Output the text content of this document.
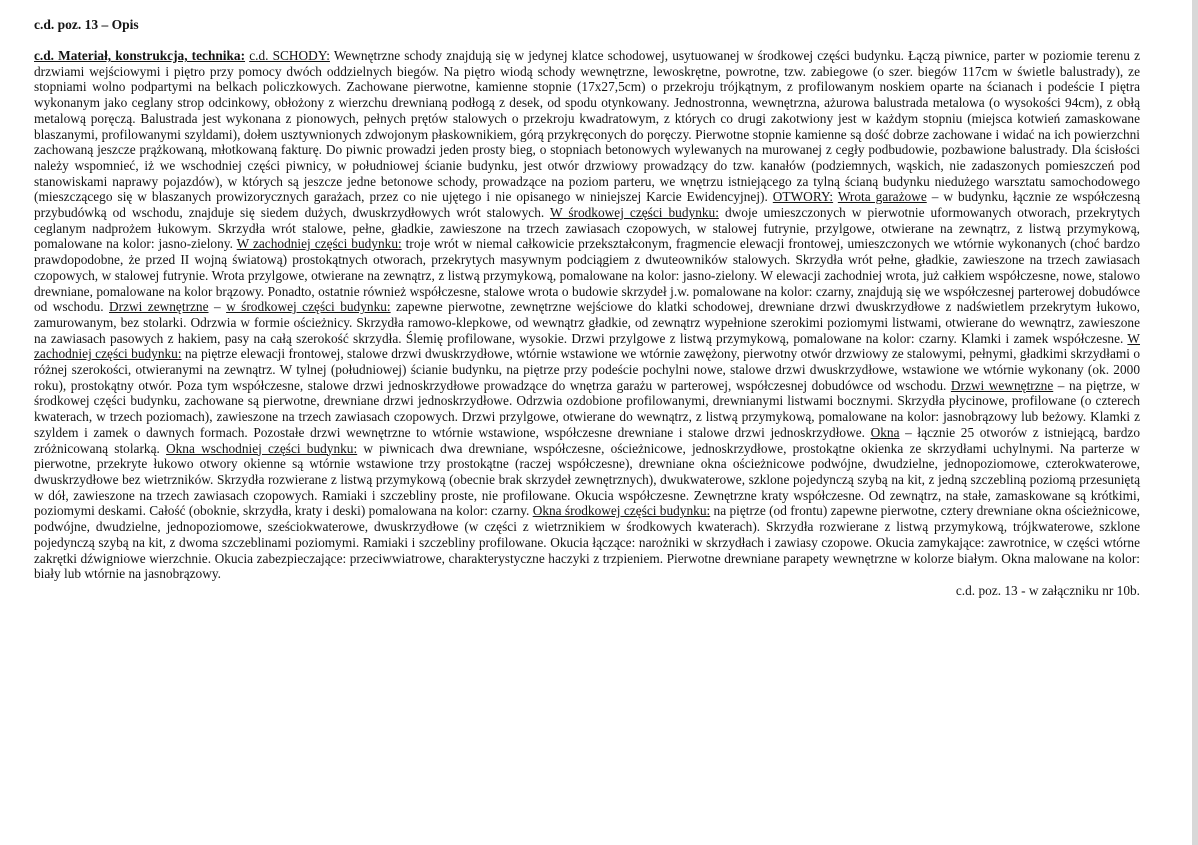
c.d. poz. 13 – Opis

c.d. Materiał, konstrukcja, technika: c.d. SCHODY: Wewnętrzne schody znajdują się w jedynej klatce schodowej, usytuowanej w środkowej części budynku. Łączą piwnice, parter w poziomie terenu z drzwiami wejściowymi i piętro przy pomocy dwóch oddzielnych biegów. Na piętro wiodą schody wewnętrzne, lewoskrętne, powrotne, tzw. zabiegowe (o szer. biegów 117cm w świetle balustrady), ze stopniami wolno podpartymi na belkach policzkowych. Zachowane pierwotne, kamienne stopnie (17x27,5cm) o przekroju trójkątnym, z profilowanym noskiem oparte na ścianach i podeście I piętra wykonanym jako ceglany strop odcinkowy, obłożony z wierzchu drewnianą podłogą z desek, od spodu otynkowany. Jednostronna, wewnętrzna, ażurowa balustrada metalowa (o wysokości 94cm), z obłą metalową poręczą. Balustrada jest wykonana z pionowych, pełnych prętów stalowych o przekroju kwadratowym, z których co drugi zakotwiony jest w każdym stopniu (miejsca kotwień zamaskowane blaszanymi, profilowanymi szyldami), dołem usztywnionych zdwojonym płaskownikiem, górą przykręconych do poręczy. Pierwotne stopnie kamienne są dość dobrze zachowane i widać na ich powierzchni zachowaną jeszcze prążkowaną, młotkowaną fakturę. Do piwnic prowadzi jeden prosty bieg, o stopniach betonowych wylewanych na murowanej z cegły podbudowie, pozbawione balustrady. Dla ścisłości należy wspomnieć, iż we wschodniej części piwnicy, w południowej ścianie budynku, jest otwór drzwiowy prowadzący do tzw. kanałów (podziemnych, wąskich, nie zadaszonych pomieszczeń pod stanowiskami naprawy pojazdów), w których są jeszcze jedne betonowe schody, prowadzące na poziom parteru, we wnętrzu istniejącego za tylną ścianą budynku niedużego warsztatu samochodowego (mieszczącego się w blaszanych prowizorycznych garażach, przez co nie ujętego i nie opisanego w niniejszej Karcie Ewidencyjnej). OTWORY: Wrota garażowe – w budynku, łącznie ze współczesną przybudówką od wschodu, znajduje się siedem dużych, dwuskrzydłowych wrót stalowych. W środkowej części budynku: dwoje umieszczonych w pierwotnie uformowanych otworach, przekrytych ceglanym nadprożem łukowym. Skrzydła wrót stalowe, pełne, gładkie, zawieszone na trzech zawiasach czopowych, w stalowej futrynie, przylgowe, otwierane na zewnątrz, z listwą przymykową, pomalowane na kolor: jasno-zielony. W zachodniej części budynku: troje wrót w niemal całkowicie przekształconym, fragmencie elewacji frontowej, umieszczonych we wtórnie wykonanych (choć bardzo prawdopodobne, że przed II wojną światową) prostokątnych otworach, przekrytych masywnym podciągiem z dwuteowników stalowych. Skrzydła wrót pełne, gładkie, zawieszone na trzech zawiasach czopowych, w stalowej futrynie. Wrota przylgowe, otwierane na zewnątrz, z listwą przymykową, pomalowane na kolor: jasno-zielony. W elewacji zachodniej wrota, już całkiem współczesne, nowe, stalowo drewniane, pomalowane na kolor brązowy. Ponadto, ostatnie również współczesne, stalowe wrota o budowie skrzydeł j.w. pomalowane na kolor: czarny, znajdują się we współczesnej parterowej dobudówce od wschodu. Drzwi zewnętrzne – w środkowej części budynku: zapewne pierwotne, zewnętrzne wejściowe do klatki schodowej, drewniane drzwi dwuskrzydłowe z nadświetlem przekrytym łukowo, zamurowanym, bez stolarki. Odrzwia w formie ościeżnicy. Skrzydła ramowo-klepkowe, od wewnątrz gładkie, od zewnątrz wypełnione szerokimi poziomymi listwami, otwierane do wewnątrz, zawieszone na zawiasach pasowych z hakiem, pasy na całą szerokość skrzydła. Ślemię profilowane, wysokie. Drzwi przylgowe z listwą przymykową, pomalowane na kolor: czarny. Klamki i zamek współczesne. W zachodniej części budynku: na piętrze elewacji frontowej, stalowe drzwi dwuskrzydłowe, wtórnie wstawione we wtórnie zawężony, pierwotny otwór drzwiowy ze stalowymi, pełnymi, gładkimi skrzydłami o różnej szerokości, otwieranymi na zewnątrz. W tylnej (południowej) ścianie budynku, na piętrze przy podeście pochylni nowe, stalowe drzwi dwuskrzydłowe, wstawione we wtórnie wykonany (ok. 2000 roku), prostokątny otwór. Poza tym współczesne, stalowe drzwi jednoskrzydłowe prowadzące do wnętrza garażu w parterowej, współczesnej dobudówce od wschodu. Drzwi wewnętrzne – na piętrze, w środkowej części budynku, zachowane są pierwotne, drewniane drzwi jednoskrzydłowe. Odrzwia ozdobione profilowanymi, drewnianymi listwami bocznymi. Skrzydła płycinowe, profilowane (o czterech kwaterach, w trzech poziomach), zawieszone na trzech zawiasach czopowych. Drzwi przylgowe, otwierane do wewnątrz, z listwą przymykową, pomalowane na kolor: jasnobrązowy lub beżowy. Klamki z szyldem i zamek o dawnych formach. Pozostałe drzwi wewnętrzne to wtórnie wstawione, współczesne drewniane i stalowe drzwi jednoskrzydłowe. Okna – łącznie 25 otworów z istniejącą, bardzo zróżnicowaną stolarką. Okna wschodniej części budynku: w piwnicach dwa drewniane, współczesne, ościeżnicowe, jednoskrzydłowe, prostokątne okienka ze skrzydłami uchylnymi. Na parterze w pierwotne, przekryte łukowo otwory okienne są wtórnie wstawione trzy prostokątne (raczej współczesne), drewniane okna ościeżnicowe podwójne, dwudzielne, jednopoziomowe, czterokwaterowe, dwuskrzydłowe bez wietrzników. Skrzydła rozwierane z listwą przymykową (obecnie brak skrzydeł zewnętrznych), dwukwaterowe, szklone pojedynczą szybą na kit, z jedną szczebliną poziomą przesuniętą w dół, zawieszone na trzech zawiasach czopowych. Ramiaki i szczebliny proste, nie profilowane. Okucia współczesne. Zewnętrzne kraty współczesne. Od zewnątrz, na stałe, zamaskowane są krótkimi, poziomymi deskami. Całość (oboknie, skrzydła, kraty i deski) pomalowana na kolor: czarny. Okna środkowej części budynku: na piętrze (od frontu) zapewne pierwotne, cztery drewniane okna ościeżnicowe, podwójne, dwudzielne, jednopoziomowe, sześciokwaterowe, dwuskrzydłowe (w części z wietrznikiem w środkowych kwaterach). Skrzydła rozwierane z listwą przymykową, trójkwaterowe, szklone pojedynczą szybą na kit, z dwoma szczeblinami poziomymi. Ramiaki i szczebliny profilowane. Okucia łączące: narożniki w skrzydłach i zawiasy czopowe. Okucia zamykające: zawrotnice, w części wtórne zakrętki dźwigniowe wierzchnie. Okucia zabezpieczające: przeciwwiatrowe, charakterystyczne haczyki z trzpieniem. Pierwotne drewniane parapety wewnętrzne w kolorze białym. Okna malowane na kolor: biały lub wtórnie na jasnobrązowy.

c.d. poz. 13 - w załączniku nr 10b.
